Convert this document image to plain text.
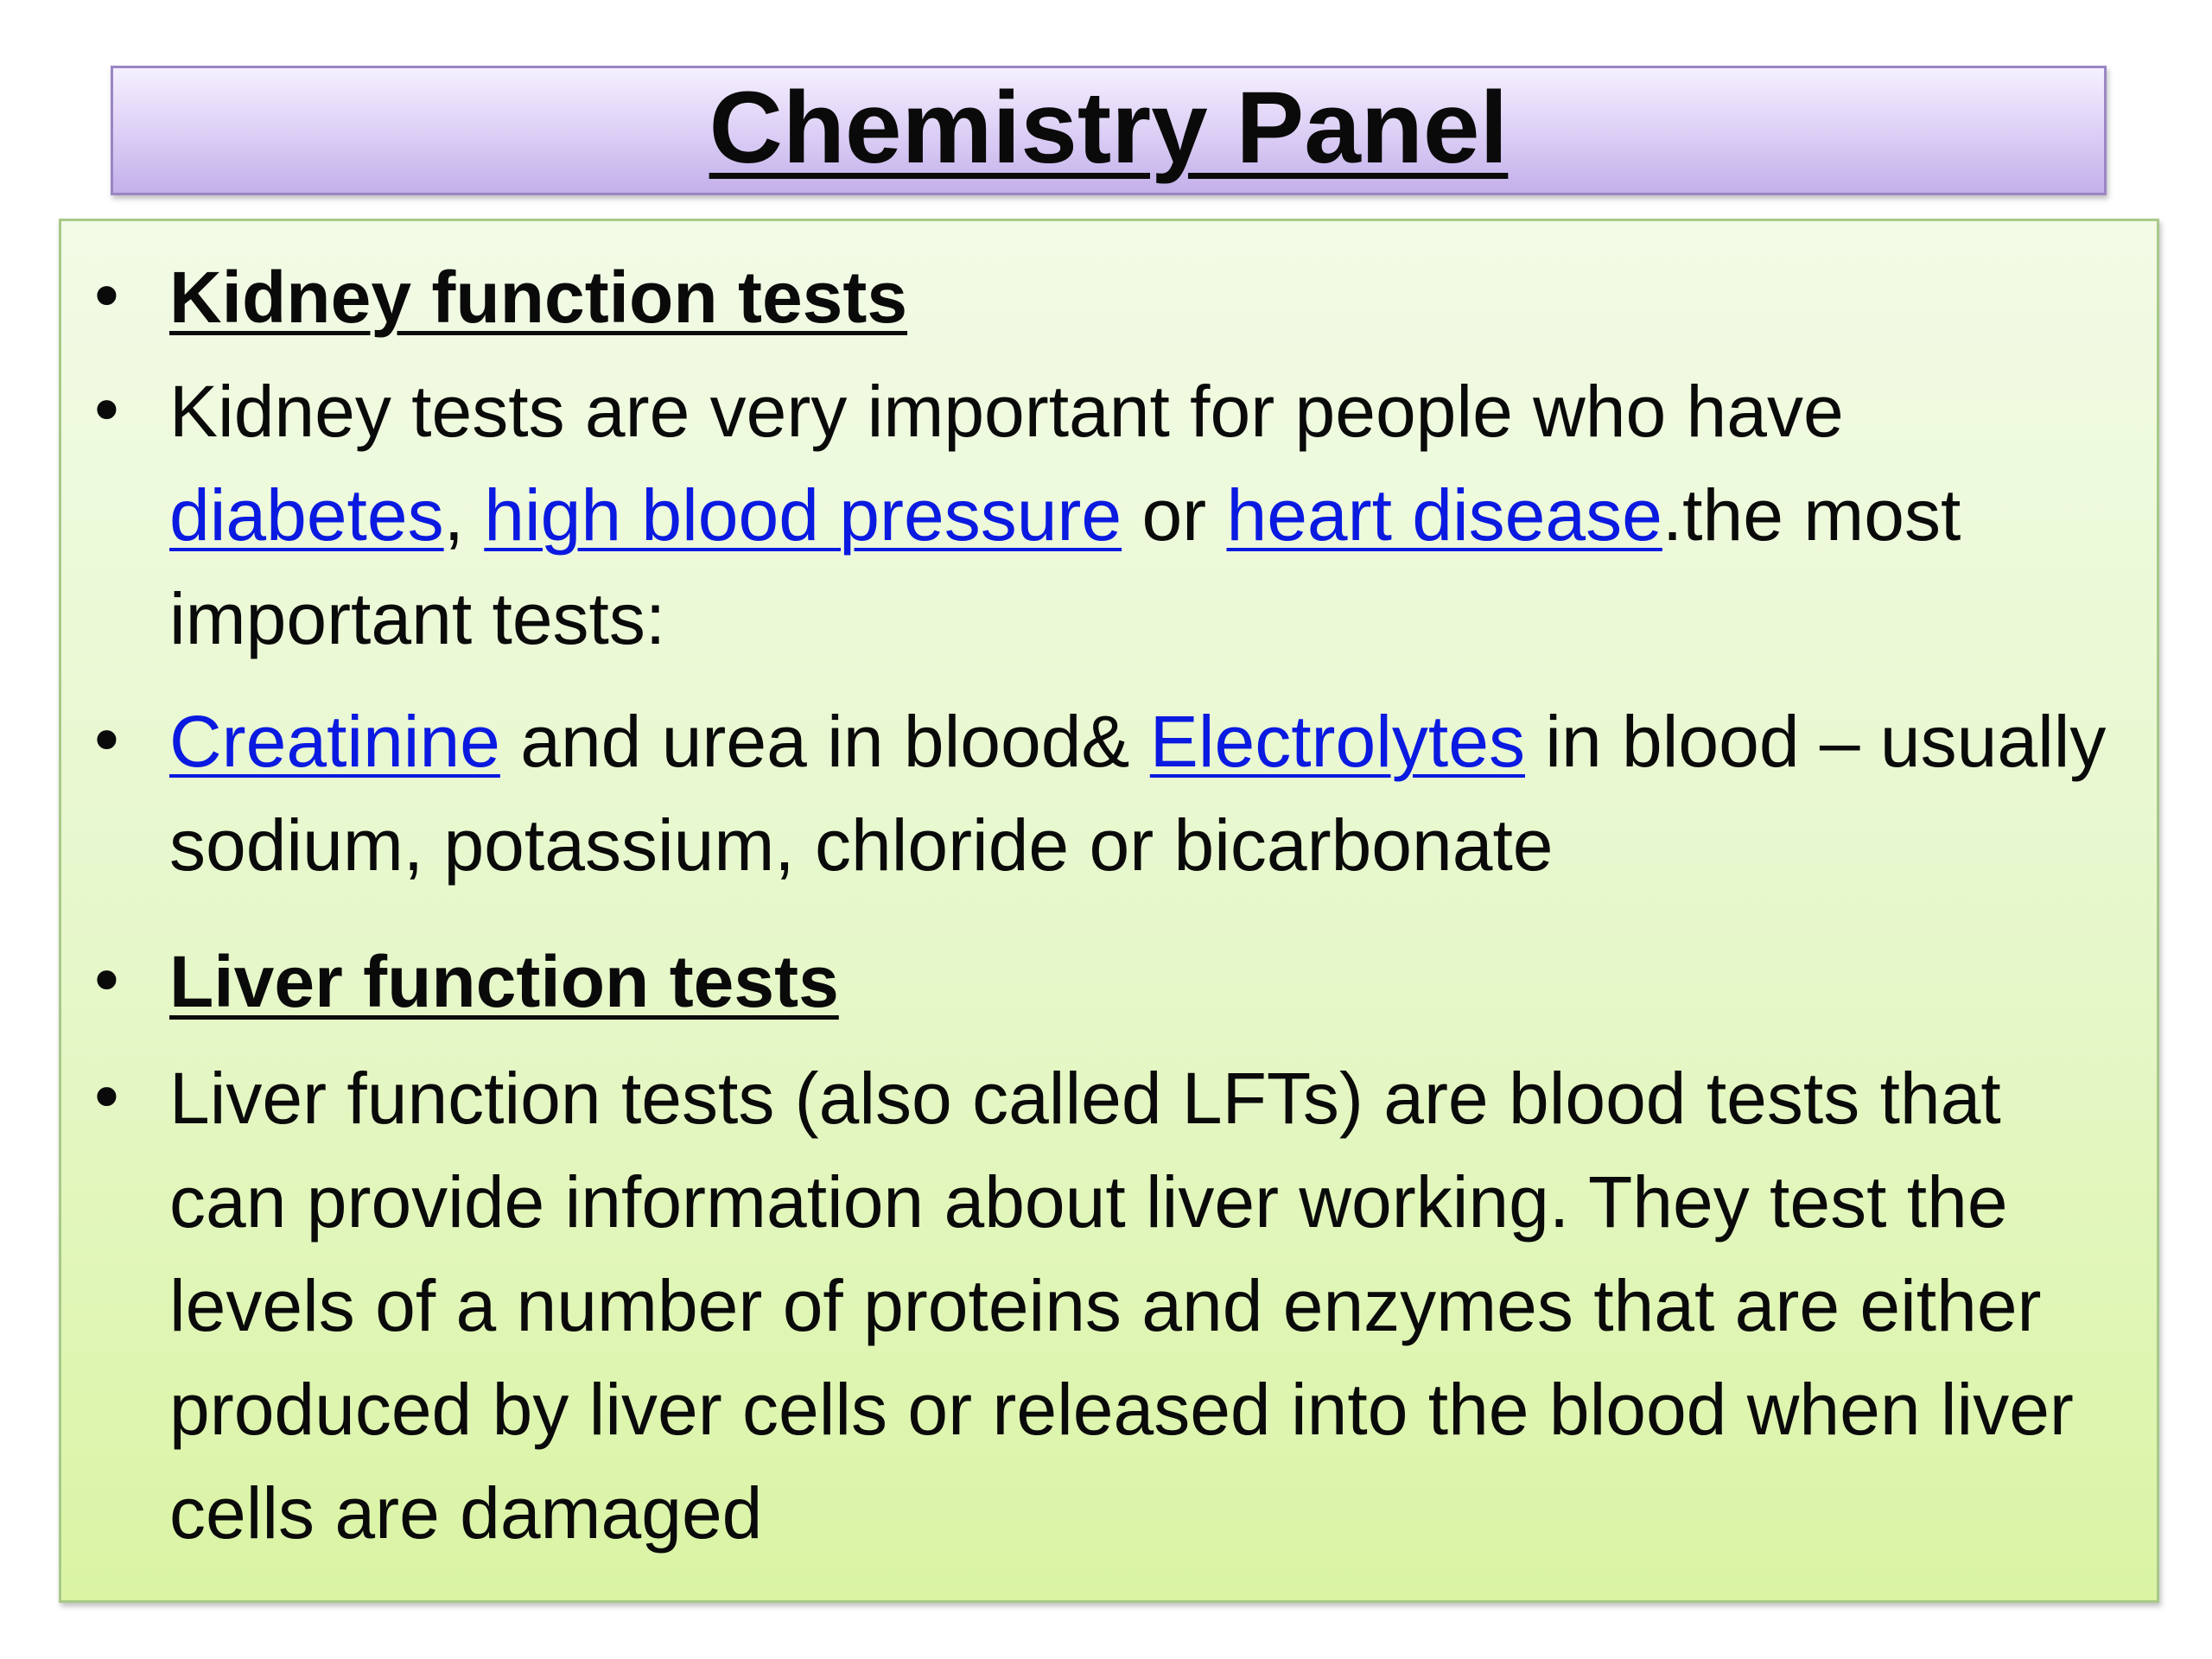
Chemistry Panel
• Kidney function tests
• Kidney tests are very important for people who have diabetes, high blood pressure or heart disease.the most important tests:
• Creatinine and urea in blood& Electrolytes in blood – usually sodium, potassium, chloride or bicarbonate
• Liver function tests
• Liver function tests (also called LFTs) are blood tests that can provide information about liver working. They test the levels of a number of proteins and enzymes that are either produced by liver cells or released into the blood when liver cells are damaged
